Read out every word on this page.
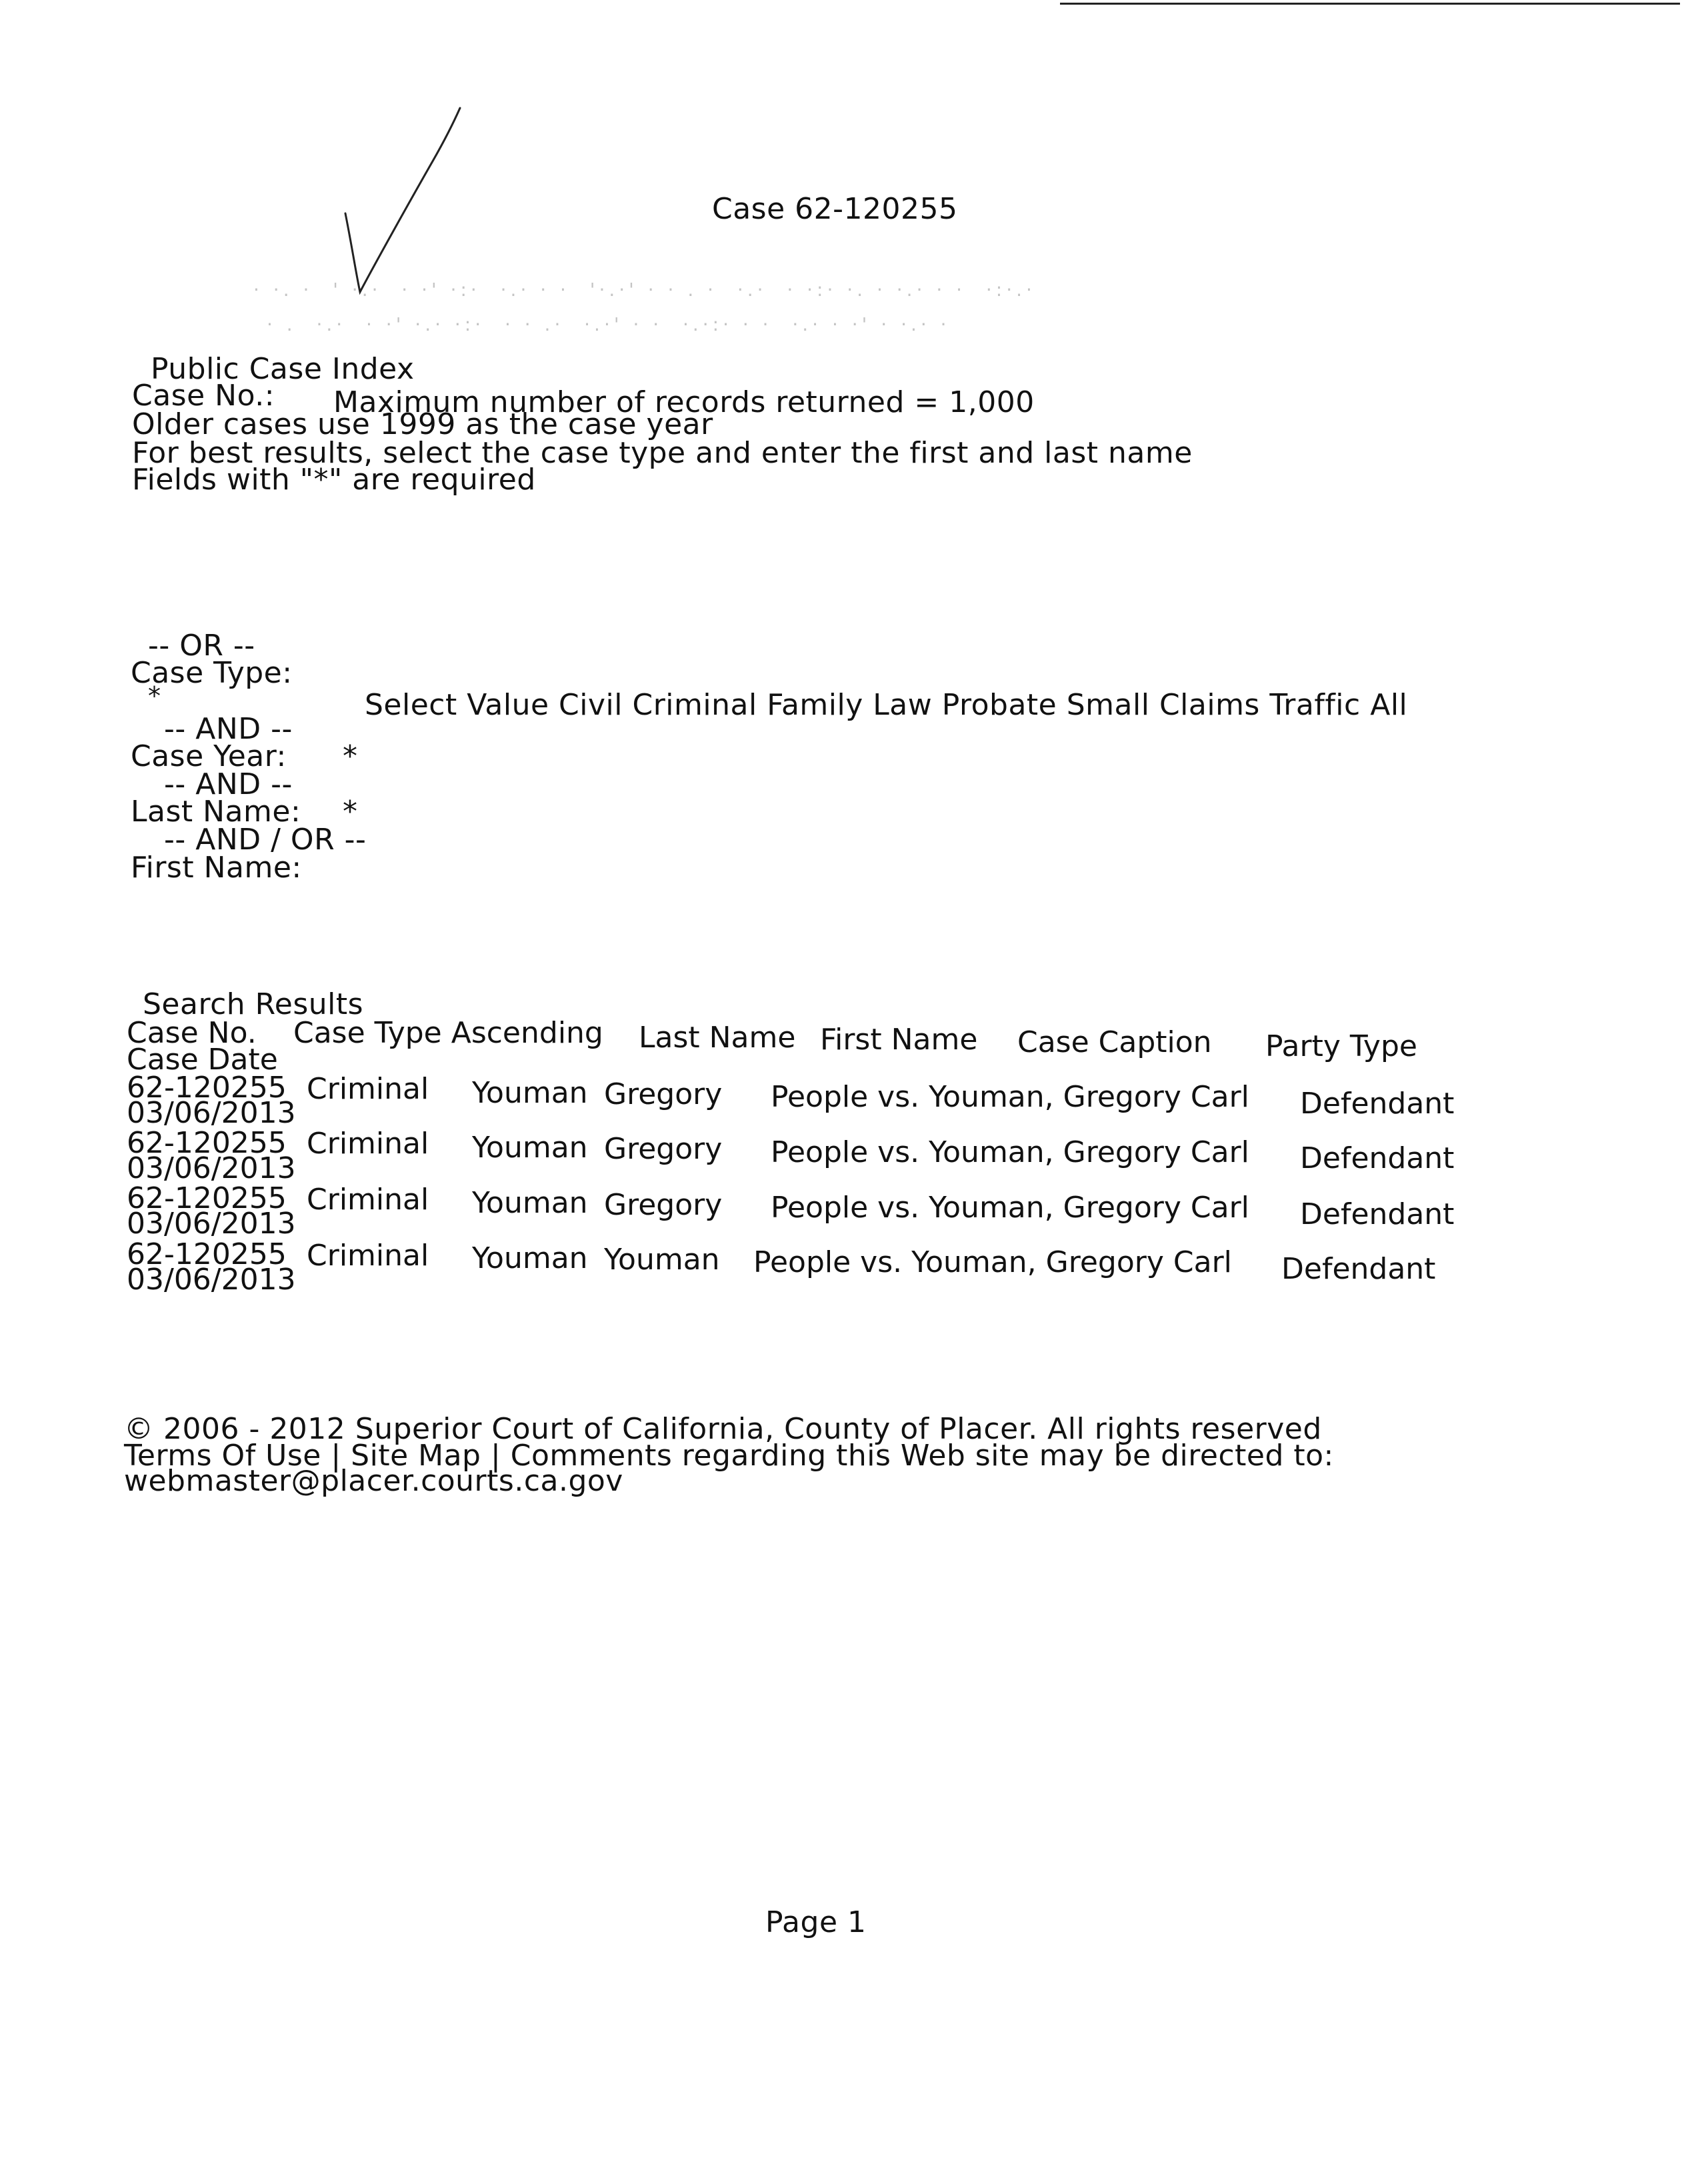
· ·. ·  ' ·.·  · ·' ·:·  ·.· · ·  '·.·' · · . ·  ·.·  · ·:· ·. · ·.· · ·  ·:·.·
· .  ·.·  · ·' ·.· ·:·  · · .·  ·.·' · ·  ·.·:· · ·  ·.· · ·' · ·.· ·
Case 62-120255
Public Case Index
Case No.: Maximum number of records returned = 1,000
Older cases use 1999 as the case year
For best results, select the case type and enter the first and last name
Fields with "*" are required
-- OR --
Case Type:
*	Select Value Civil Criminal Family Law Probate Small Claims Traffic All

-- AND --
Case Year: *
-- AND --
Last Name: *
-- AND / OR --
First Name:
Search Results
Case No. Case Type Ascending Last Name First Name Case Caption Party Type
Case Date
62-120255
03/06/2013
Criminal Youman Gregory People vs. Youman, Gregory Carl Defendant
62-120255
03/06/2013
Criminal Youman Gregory People vs. Youman, Gregory Carl Defendant
62-120255
03/06/2013
Criminal Youman Gregory People vs. Youman, Gregory Carl Defendant
62-120255
03/06/2013
Criminal Youman Youman People vs. Youman, Gregory Carl Defendant
© 2006 - 2012 Superior Court of California, County of Placer. All rights reserved
Terms Of Use | Site Map | Comments regarding this Web site may be directed to:
webmaster@placer.courts.ca.gov
Page 1
